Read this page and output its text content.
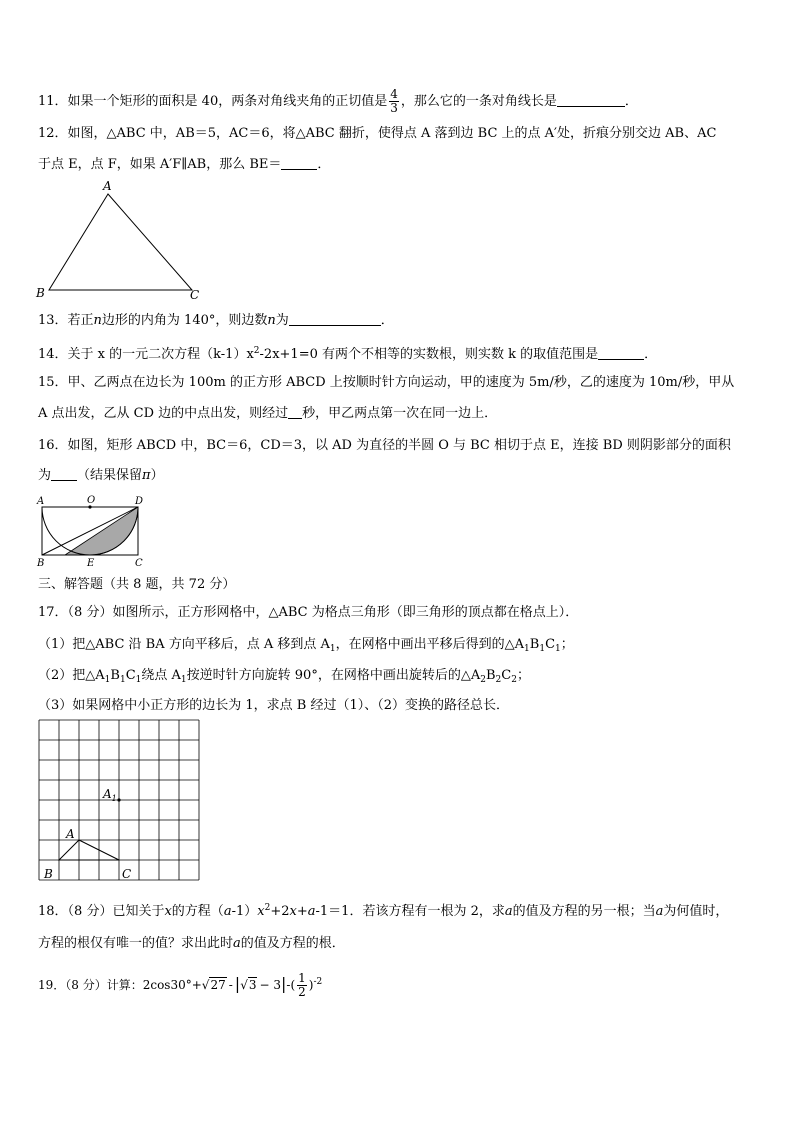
11．如果一个矩形的面积是 40，两条对角线夹角的正切值是 $\frac{4}{3}$ ，那么它的一条对角线长是	．
12．如图，△ABC 中，AB＝5，AC＝6，将△ABC 翻折，使得点 A 落到边 BC 上的点 A′处，折痕分别交边 AB、AC
于点 E，点 F，如果 A′F∥AB，那么 BE＝	．
A
B	C
13．若正n边形的内角为 140°，则边数n为	．
14．关于 x 的一元二次方程$(k-1)x^2-2x+1=0$ 有两个不相等的实数根，则实数 k 的取值范围是	．
15．甲、乙两点在边长为 100m 的正方形 ABCD 上按顺时针方向运动，甲的速度为 5m/秒，乙的速度为 10m/秒，甲从
A 点出发，乙从 CD 边的中点出发，则经过 秒，甲乙两点第一次在同一边上．
16．如图，矩形 ABCD 中，BC＝6，CD＝3，以 AD 为直径的半圆 O 与 BC 相切于点 E，连接 BD 则阴影部分的面积
为 （结果保留π）
A	O	D
B	E	C
三、解答题（共 8 题，共 72 分）
17．（8 分）如图所示，正方形网格中，△ABC 为格点三角形（即三角形的顶点都在格点上）．
（1）把△ABC 沿 BA 方向平移后，点 A 移到点 $A_1$，在网格中画出平移后得到的$\triangle A_1B_1C_1$；
（2）把$\triangle A_1B_1C_1$绕点 $A_1$按逆时针方向旋转 90°，在网格中画出旋转后的$\triangle A_2B_2C_2$；
（3）如果网格中小正方形的边长为 1，求点 B 经过（1）、（2）变换的路径总长．
$A_1$
A
B	C
18．（8 分）已知关于x的方程$(a-1)x^2+2x+a-1=1$．若该方程有一根为 2，求a的值及方程的另一根；当a为何值时，
方程的根仅有唯一的值？求出此时a的值及方程的根．
19．（8 分）计算：$2\cos 30^\circ+√27 - |√3 - 3|-( \frac{1}{2} )^{-2}$
